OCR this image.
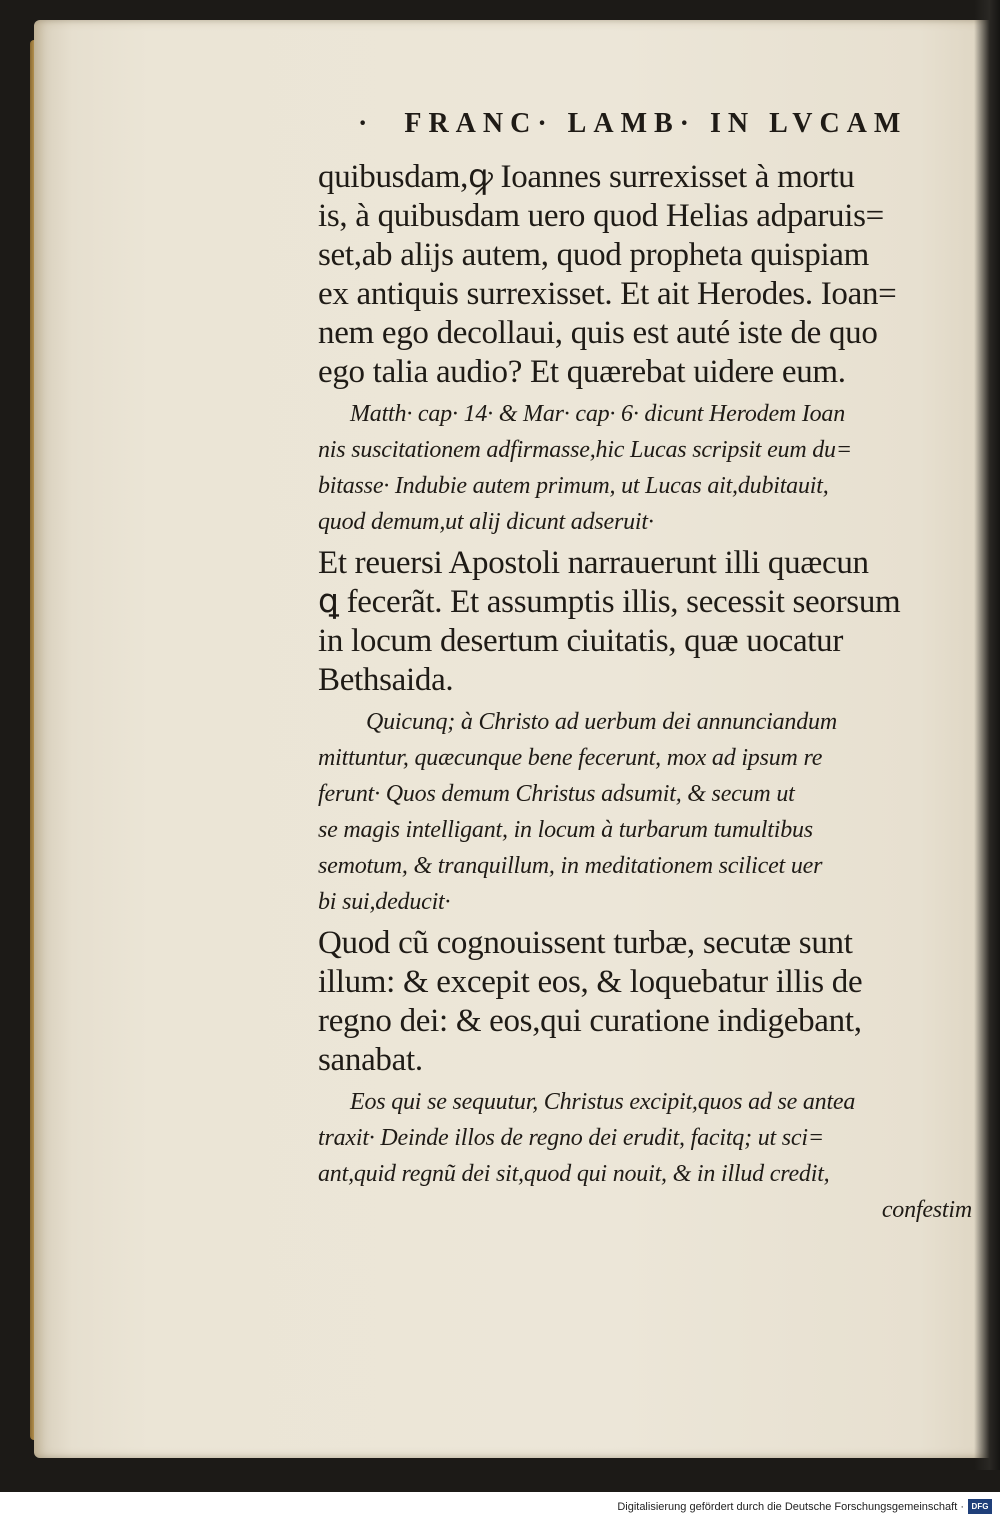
· FRANC· LAMB· IN LVCAM
quibusdam,ꝙ Ioannes surrexisset à mortu
is, à quibusdam uero quod Helias adparuis=
set,ab alijs autem, quod propheta quispiam
ex antiquis surrexisset. Et ait Herodes. Ioan=
nem ego decollaui, quis est auté iste de quo
ego talia audio? Et quærebat uidere eum.
Matth· cap· 14· & Mar· cap· 6· dicunt Herodem Ioan
nis suscitationem adfirmasse,hic Lucas scripsit eum du=
bitasse· Indubie autem primum, ut Lucas ait,dubitauit,
quod demum,ut alij dicunt adseruit·
Et reuersi Apostoli narrauerunt illi quæcun
ꝗ fecerãt. Et assumptis illis, secessit seorsum
in locum desertum ciuitatis, quæ uocatur
Bethsaida.
Quicunq; à Christo ad uerbum dei annunciandum
mittuntur, quæcunque bene fecerunt, mox ad ipsum re
ferunt· Quos demum Christus adsumit, & secum ut
se magis intelligant, in locum à turbarum tumultibus
semotum, & tranquillum, in meditationem scilicet uer
bi sui,deducit·
Quod cũ cognouissent turbæ, secutæ sunt
illum: & excepit eos, & loquebatur illis de
regno dei: & eos,qui curatione indigebant,
sanabat.
Eos qui se sequutur, Christus excipit,quos ad se antea
traxit· Deinde illos de regno dei erudit, facitq; ut sci=
ant,quid regnũ dei sit,quod qui nouit, & in illud credit,
confestim
Digitalisierung gefördert durch die Deutsche Forschungsgemeinschaft · DFG
